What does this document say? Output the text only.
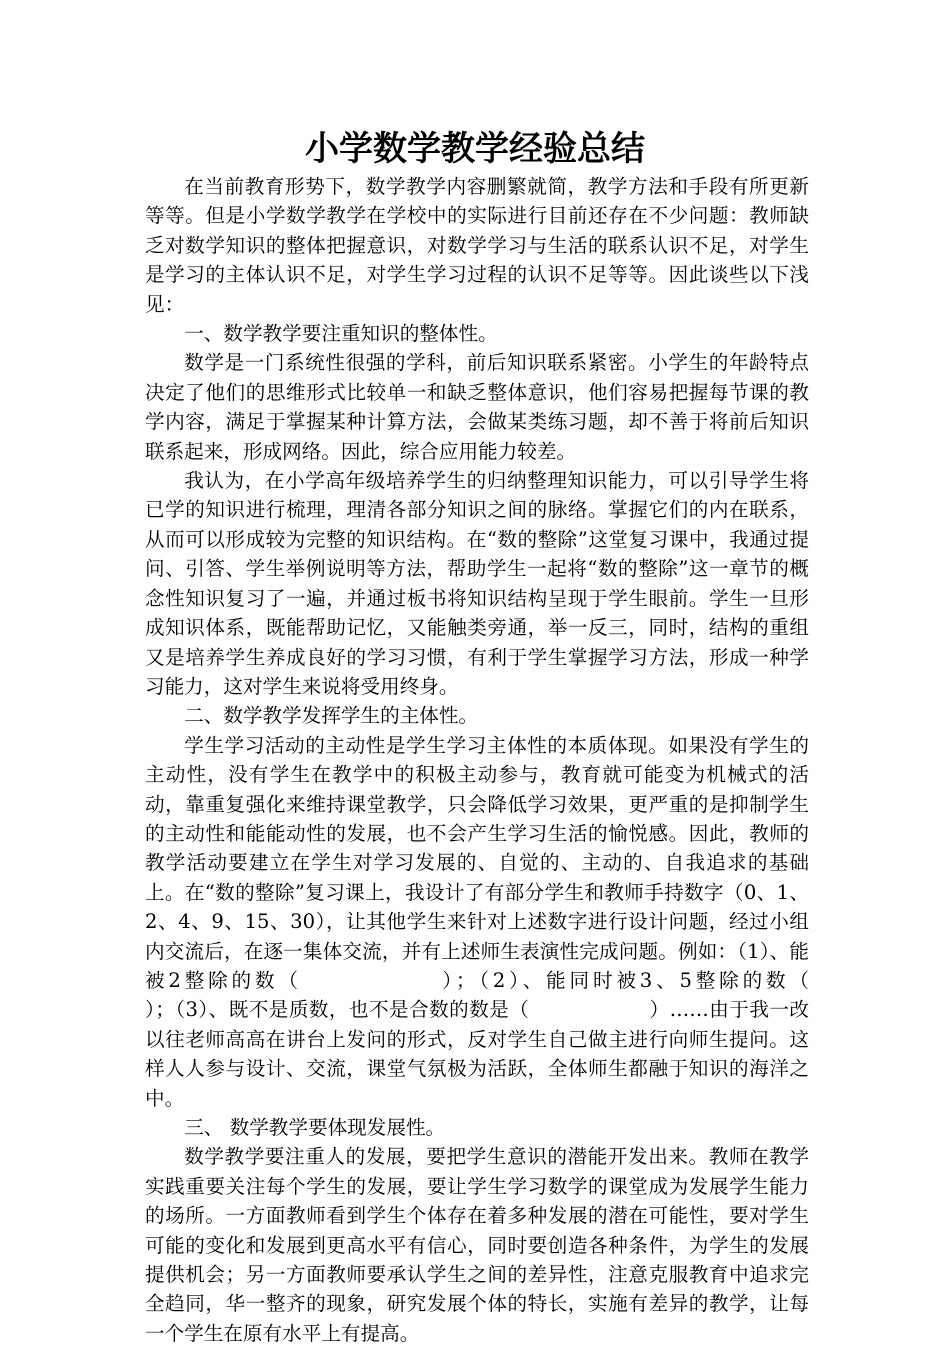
小学数学教学经验总结

在当前教育形势下，数学教学内容删繁就简，教学方法和手段有所更新等等。但是小学数学教学在学校中的实际进行目前还存在不少问题：教师缺乏对数学知识的整体把握意识，对数学学习与生活的联系认识不足，对学生是学习的主体认识不足，对学生学习过程的认识不足等等。因此谈些以下浅见：

一、数学教学要注重知识的整体性。

数学是一门系统性很强的学科，前后知识联系紧密。小学生的年龄特点决定了他们的思维形式比较单一和缺乏整体意识，他们容易把握每节课的教学内容，满足于掌握某种计算方法，会做某类练习题，却不善于将前后知识联系起来，形成网络。因此，综合应用能力较差。

我认为，在小学高年级培养学生的归纳整理知识能力，可以引导学生将已学的知识进行梳理，理清各部分知识之间的脉络。掌握它们的内在联系，从而可以形成较为完整的知识结构。在“数的整除”这堂复习课中，我通过提问、引答、学生举例说明等方法，帮助学生一起将“数的整除”这一章节的概念性知识复习了一遍，并通过板书将知识结构呈现于学生眼前。学生一旦形成知识体系，既能帮助记忆，又能触类旁通，举一反三，同时，结构的重组又是培养学生养成良好的学习习惯，有利于学生掌握学习方法，形成一种学习能力，这对学生来说将受用终身。

二、数学教学发挥学生的主体性。

学生学习活动的主动性是学生学习主体性的本质体现。如果没有学生的主动性，没有学生在教学中的积极主动参与，教育就可能变为机械式的活动，靠重复强化来维持课堂教学，只会降低学习效果，更严重的是抑制学生的主动性和能能动性的发展，也不会产生学习生活的愉悦感。因此，教师的教学活动要建立在学生对学习发展的、自觉的、主动的、自我追求的基础上。在“数的整除”复习课上，我设计了有部分学生和教师手持数字（0、1、2、4、9、15、30），让其他学生来针对上述数字进行设计问题，经过小组内交流后，在逐一集体交流，并有上述师生表演性完成问题。例如：（1）、能被2整除的数（　　　　　　）；（2）、能同时被3、5整除的数（　　　　　　）；（3）、既不是质数，也不是合数的数是（　　　　　　）……由于我一改以往老师高高在讲台上发问的形式，反对学生自己做主进行向师生提问。这样人人参与设计、交流，课堂气氛极为活跃，全体师生都融于知识的海洋之中。

三、 数学教学要体现发展性。

数学教学要注重人的发展，要把学生意识的潜能开发出来。教师在教学实践重要关注每个学生的发展，要让学生学习数学的课堂成为发展学生能力的场所。一方面教师看到学生个体存在着多种发展的潜在可能性，要对学生可能的变化和发展到更高水平有信心，同时要创造各种条件，为学生的发展提供机会；另一方面教师要承认学生之间的差异性，注意克服教育中追求完全趋同，华一整齐的现象，研究发展个体的特长，实施有差异的教学，让每一个学生在原有水平上有提高。
